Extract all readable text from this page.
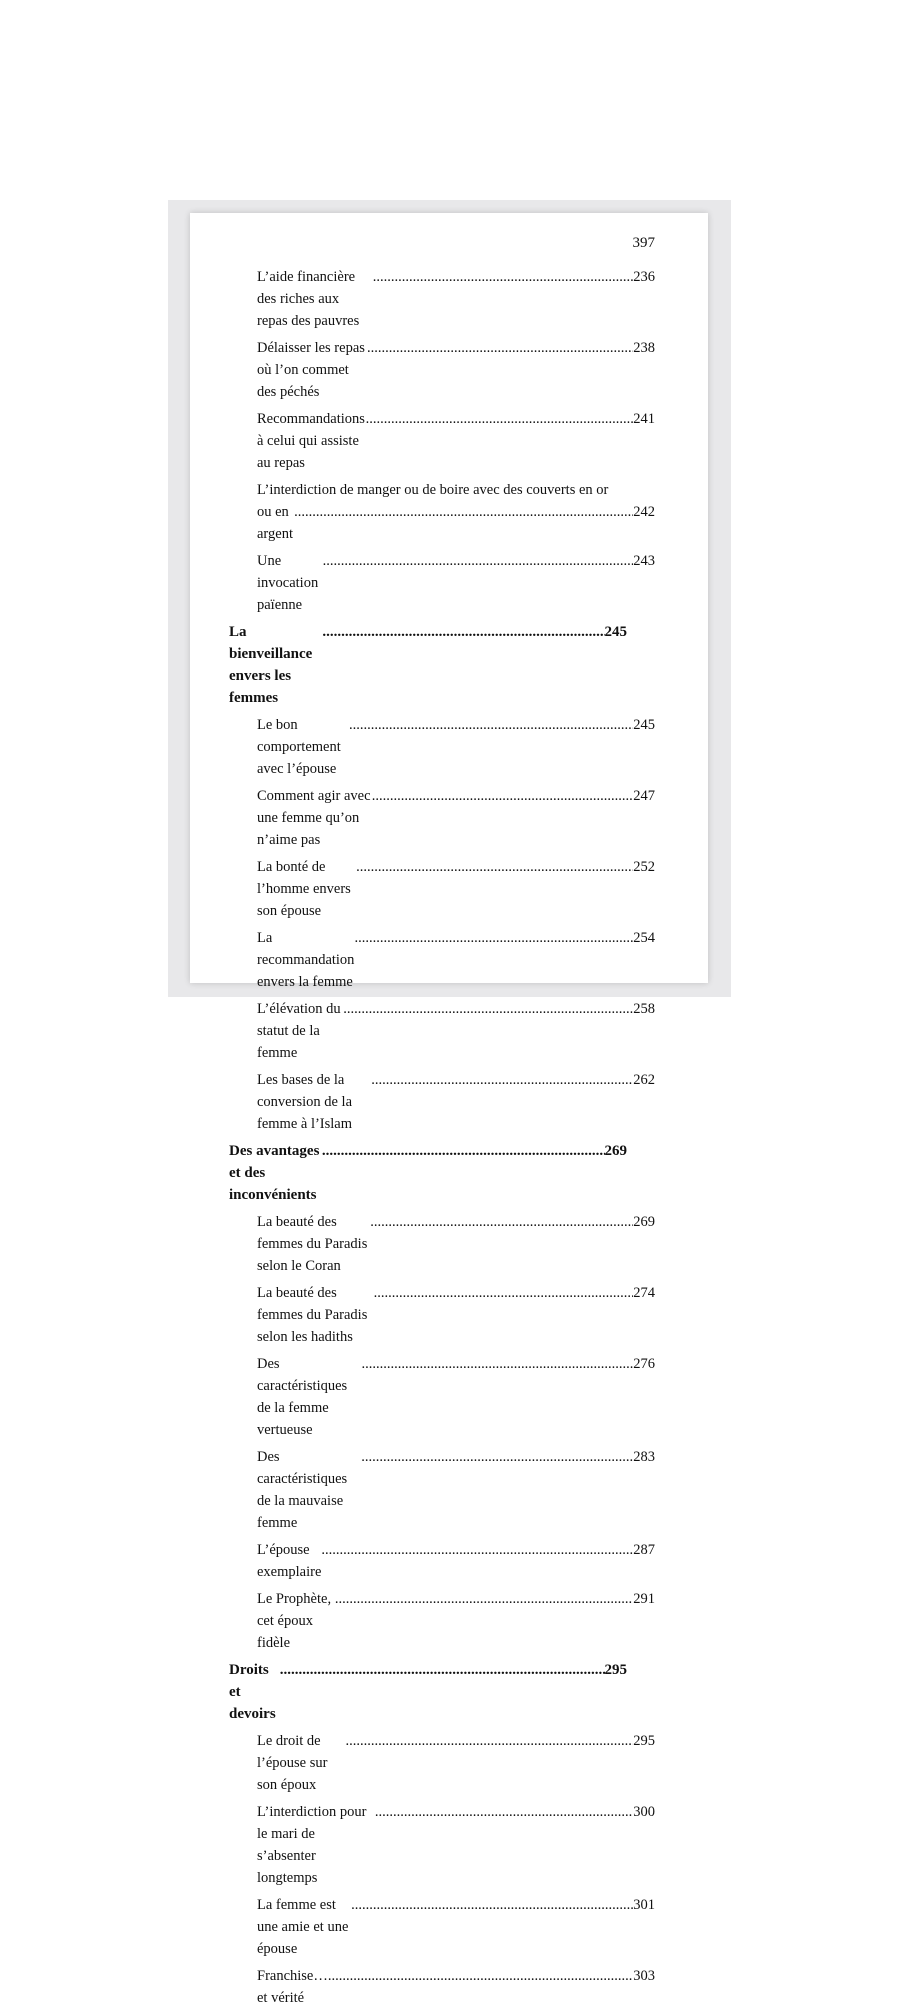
397
L’aide financière des riches aux repas des pauvres
.....
236
Délaisser les repas où l’on commet des péchés
.....
238
Recommandations à celui qui assiste au repas
.....
241
L’interdiction de manger ou de boire avec des couverts en or
ou en argent
.....
242
Une invocation païenne
.....
243
La bienveillance envers les femmes
.....
245
Le bon comportement avec l’épouse
.....
245
Comment agir avec une femme qu’on n’aime pas
.....
247
La bonté de l’homme envers son épouse
.....
252
La recommandation envers la femme
.....
254
L’élévation du statut de la femme
.....
258
Les bases de la conversion de la femme à l’Islam
.....
262
Des avantages et des inconvénients
.....
269
La beauté des femmes du Paradis selon le Coran
.....
269
La beauté des femmes du Paradis selon les hadiths
.....
274
Des caractéristiques de la femme vertueuse
.....
276
Des caractéristiques de la mauvaise femme
.....
283
L’épouse exemplaire
.....
287
Le Prophète, cet époux fidèle
.....
291
Droits et devoirs
.....
295
Le droit de l’épouse sur son époux
.....
295
L’interdiction pour le mari de s’absenter longtemps
.....
300
La femme est une amie et une épouse
.....
301
Franchise… et vérité
.....
303
